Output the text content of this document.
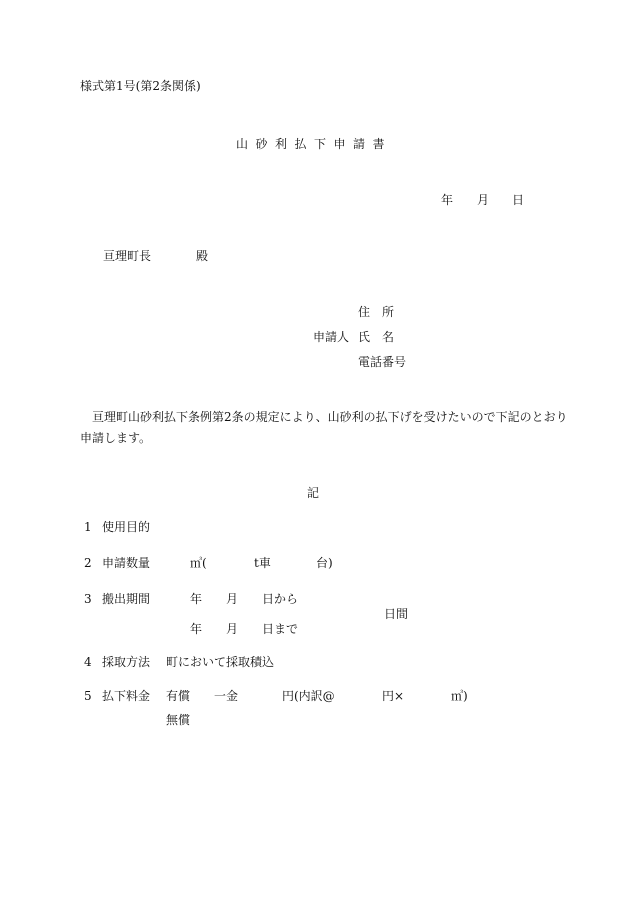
様式第1号(第2条関係)
山砂利払下申請書
年 月 日
亘理町長	殿
住　所
申請人 氏　名
電話番号
亘理町山砂利払下条例第2条の規定により、山砂利の払下げを受けたいので下記のとおり
申請します。
記
1 使用目的
2 申請数量	㎥(	t車	台)
3 搬出期間	年 月 日から
日間
年 月 日まで
4 採取方法 町において採取積込
5 払下料金 有償 一金	円(内訳@	円×	㎥)
無償
